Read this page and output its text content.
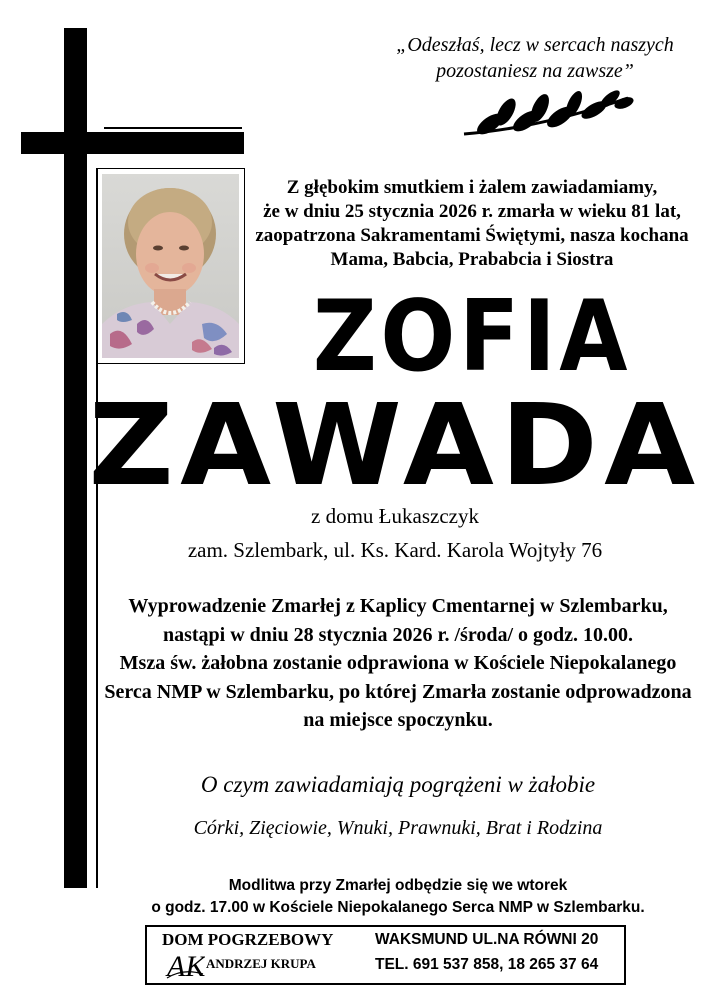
„Odeszłaś, lecz w sercach naszych
pozostaniesz na zawsze”
Z głębokim smutkiem i żalem zawiadamiamy,
że w dniu 25 stycznia 2026 r. zmarła w wieku 81 lat,
zaopatrzona Sakramentami Świętymi, nasza kochana
Mama, Babcia, Prababcia i Siostra
ZOFIA
ZAWADA
z domu Łukaszczyk
zam. Szlembark, ul. Ks. Kard. Karola Wojtyły 76
Wyprowadzenie Zmarłej z Kaplicy Cmentarnej w Szlembarku,
nastąpi w dniu 28 stycznia 2026 r. /środa/ o godz. 10.00.
Msza św. żałobna zostanie odprawiona w Kościele Niepokalanego
Serca NMP w Szlembarku, po której Zmarła zostanie odprowadzona
na miejsce spoczynku.
O czym zawiadamiają pogrążeni w żałobie
Córki, Zięciowie, Wnuki, Prawnuki, Brat i Rodzina
Modlitwa przy Zmarłej odbędzie się we wtorek
o godz. 17.00 w Kościele Niepokalanego Serca NMP w Szlembarku.
DOM POGRZEBOWY
AK ANDRZEJ KRUPA
WAKSMUND UL.NA RÓWNI 20
TEL. 691 537 858, 18 265 37 64
